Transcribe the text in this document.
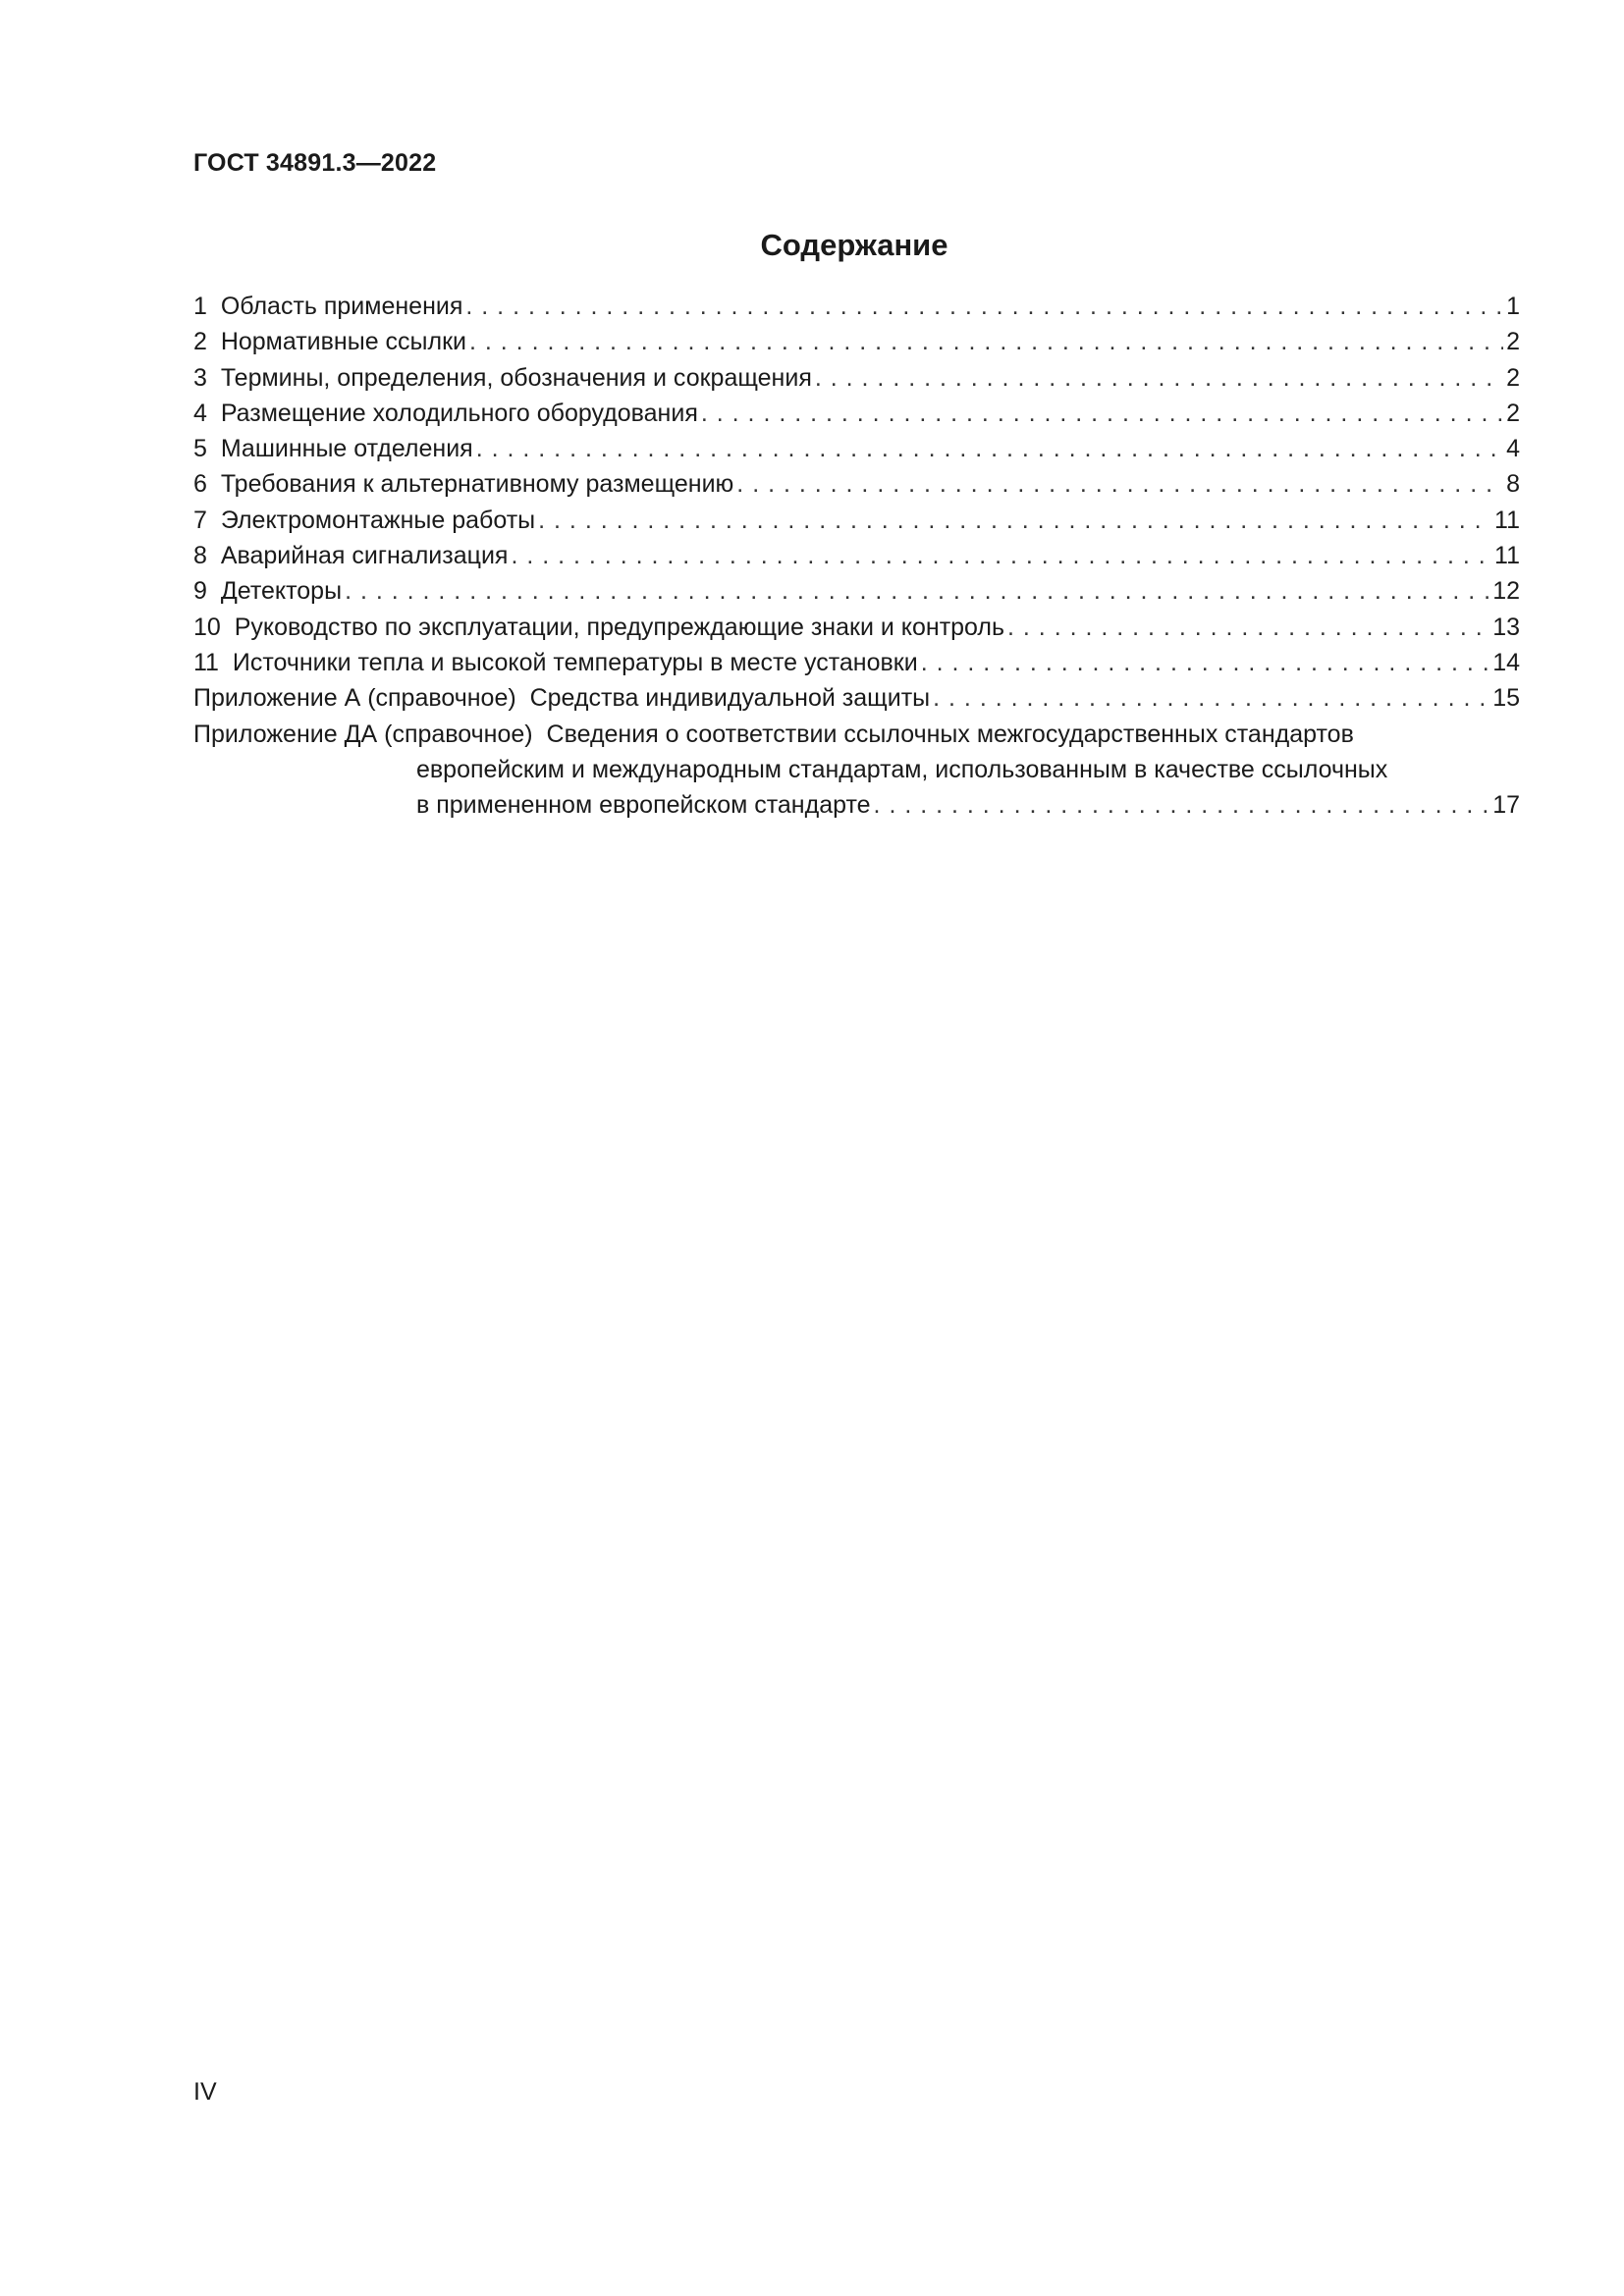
ГОСТ 34891.3—2022
Содержание
1 Область применения . . .	1
2 Нормативные ссылки . . .	2
3 Термины, определения, обозначения и сокращения . . .	2
4 Размещение холодильного оборудования . . .	2
5 Машинные отделения . . .	4
6 Требования к альтернативному размещению . . .	8
7 Электромонтажные работы . . .	11
8 Аварийная сигнализация . . .	11
9 Детекторы . . .	12
10 Руководство по эксплуатации, предупреждающие знаки и контроль . . .	13
11 Источники тепла и высокой температуры в месте установки . . .	14
Приложение А (справочное) Средства индивидуальной защиты . . .	15
Приложение ДА (справочное) Сведения о соответствии ссылочных межгосударственных стандартов
европейским и международным стандартам, использованным в качестве ссылочных
в примененном европейском стандарте . . .	17
IV
